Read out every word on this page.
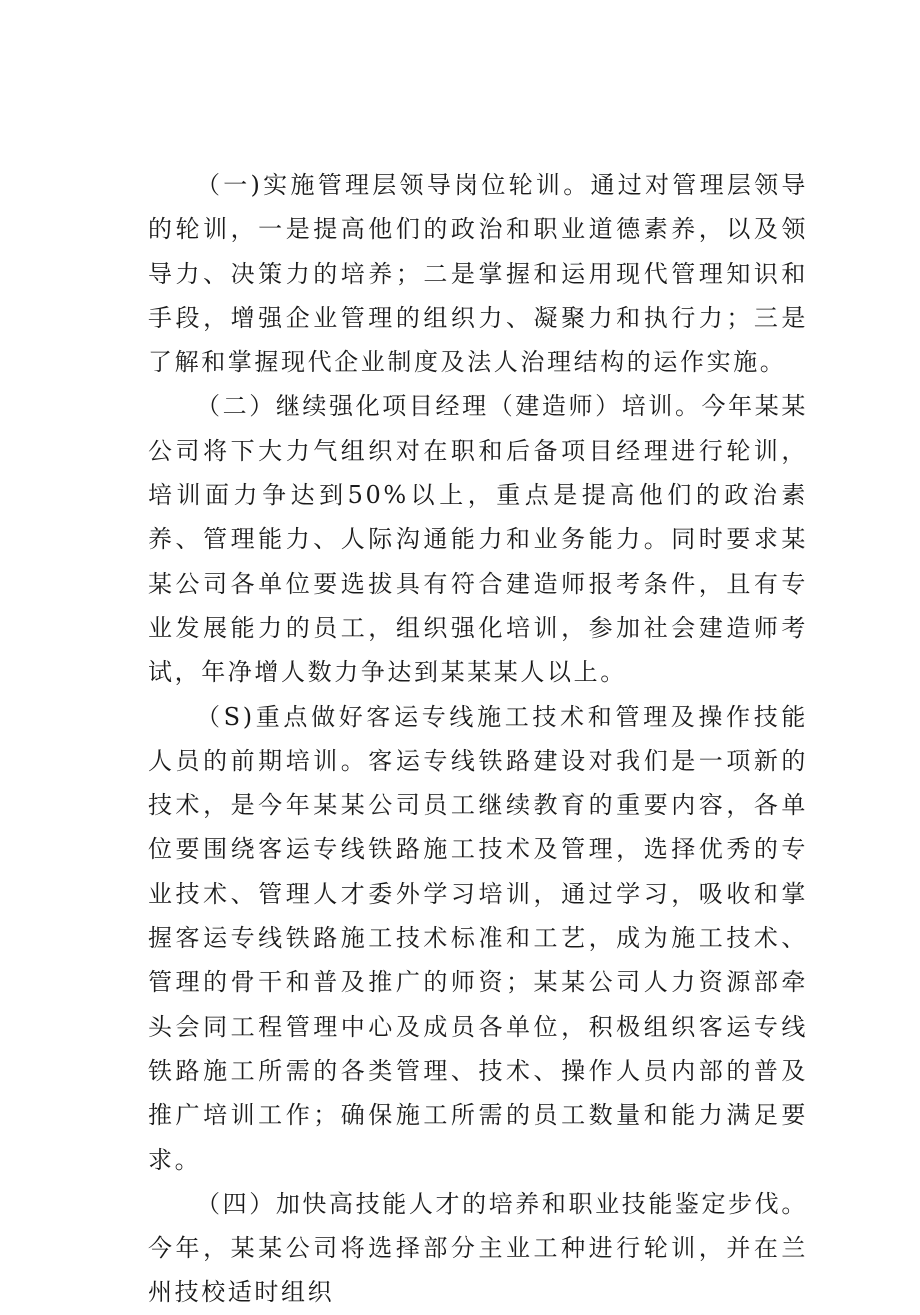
（一)实施管理层领导岗位轮训。通过对管理层领导的轮训，一是提高他们的政治和职业道德素养，以及领导力、决策力的培养；二是掌握和运用现代管理知识和手段，增强企业管理的组织力、凝聚力和执行力；三是了解和掌握现代企业制度及法人治理结构的运作实施。

（二）继续强化项目经理（建造师）培训。今年某某公司将下大力气组织对在职和后备项目经理进行轮训，培训面力争达到50%以上，重点是提高他们的政治素养、管理能力、人际沟通能力和业务能力。同时要求某某公司各单位要选拔具有符合建造师报考条件，且有专业发展能力的员工，组织强化培训，参加社会建造师考试，年净增人数力争达到某某某人以上。

（S)重点做好客运专线施工技术和管理及操作技能人员的前期培训。客运专线铁路建设对我们是一项新的技术，是今年某某公司员工继续教育的重要内容，各单位要围绕客运专线铁路施工技术及管理，选择优秀的专业技术、管理人才委外学习培训，通过学习，吸收和掌握客运专线铁路施工技术标准和工艺，成为施工技术、管理的骨干和普及推广的师资；某某公司人力资源部牵头会同工程管理中心及成员各单位，积极组织客运专线铁路施工所需的各类管理、技术、操作人员内部的普及推广培训工作；确保施工所需的员工数量和能力满足要求。

（四）加快高技能人才的培养和职业技能鉴定步伐。今年，某某公司将选择部分主业工种进行轮训，并在兰州技校适时组织
